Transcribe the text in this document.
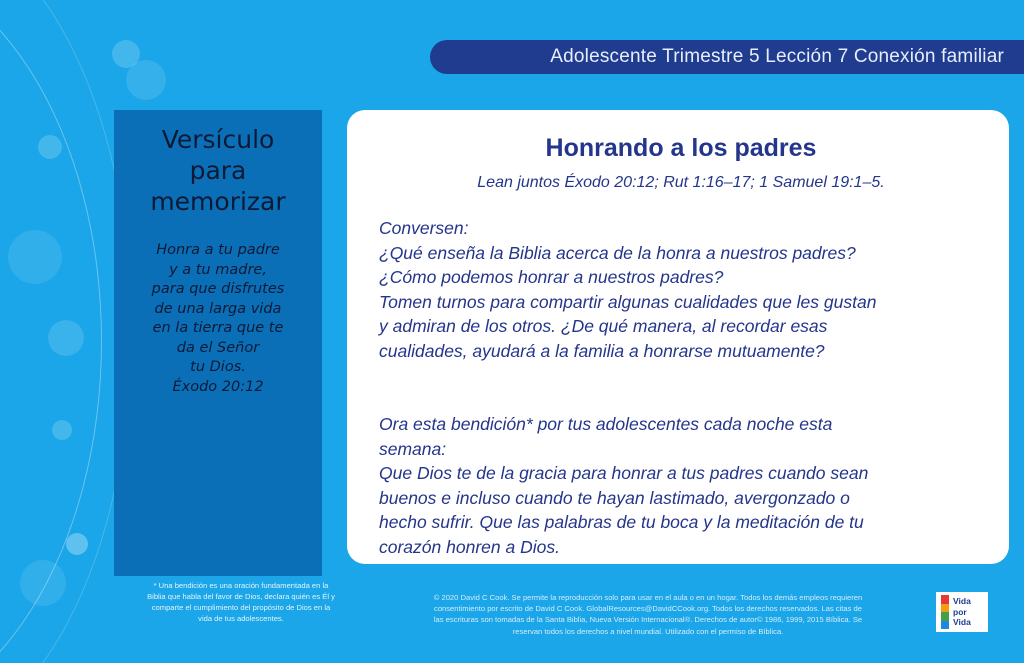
Adolescente Trimestre 5 Lección 7 Conexión familiar
Versículo
para
memorizar
Honra a tu padre
y a tu madre,
para que disfrutes
de una larga vida
en la tierra que te
da el Señor
tu Dios.
Éxodo 20:12
Honrando a los padres
Lean juntos Éxodo 20:12; Rut 1:16–17; 1 Samuel 19:1–5.
Conversen:
¿Qué enseña la Biblia acerca de la honra a nuestros padres?
¿Cómo podemos honrar a nuestros padres?
Tomen turnos para compartir algunas cualidades que les gustan
y admiran de los otros. ¿De qué manera, al recordar esas
cualidades, ayudará a la familia a honrarse mutuamente?
Ora esta bendición* por tus adolescentes cada noche esta
semana:
Que Dios te de la gracia para honrar a tus padres cuando sean
buenos e incluso cuando te hayan lastimado, avergonzado o
hecho sufrir. Que las palabras de tu boca y la meditación de tu
corazón honren a Dios.
* Una bendición es una oración fundamentada en la
Biblia que habla del favor de Dios, declara quién es Él y
comparte el cumplimiento del propósito de Dios en la
vida de tus adolescentes.
© 2020 David C Cook. Se permite la reproducción solo para usar en el aula o en un hogar. Todos los demás empleos requieren
consentimiento por escrito de David C Cook. GlobalResources@DavidCCook.org. Todos los derechos reservados. Las citas de
las escrituras son tomadas de la Santa Biblia, Nueva Versión Internacional®. Derechos de autor© 1986, 1999, 2015 Bíblica. Se
reservan todos los derechos a nivel mundial. Utilizado con el permiso de Bíblica.
Vida
por
Vida
